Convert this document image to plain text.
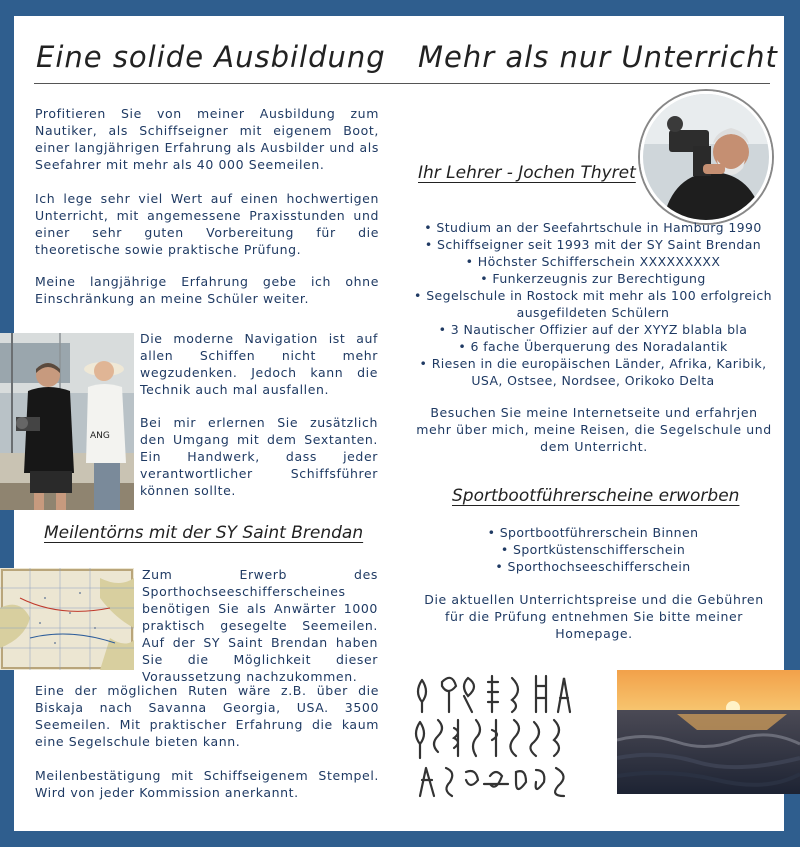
Eine solide Ausbildung Mehr als nur Unterricht

Profitieren Sie von meiner Ausbildung zum Nautiker, als Schiffseigner mit eigenem Boot, einer langjährigen Erfahrung als Ausbilder und als Seefahrer mit mehr als 40 000 Seemeilen.

Ich lege sehr viel Wert auf einen hochwertigen Unterricht, mit angemessene Praxisstunden und einer sehr guten Vorbereitung für die theoretische sowie praktische Prüfung.

Meine langjährige Erfahrung gebe ich ohne Einschränkung an meine Schüler weiter.

ANG

Die moderne Navigation ist auf allen Schiffen nicht mehr wegzudenken. Jedoch kann die Technik auch mal ausfallen.

Bei mir erlernen Sie zusätzlich den Umgang mit dem Sextanten. Ein Handwerk, dass jeder verantwortlicher Schiffsführer können sollte.

Meilentörns mit der SY Saint Brendan

Zum Erwerb des Sporthochseeschifferscheines benötigen Sie als Anwärter 1000 praktisch gesegelte Seemeilen. Auf der SY Saint Brendan haben Sie die Möglichkeit dieser Voraussetzung nachzukommen.

Eine der möglichen Ruten wäre z.B. über die Biskaja nach Savanna Georgia, USA. 3500 Seemeilen. Mit praktischer Erfahrung die kaum eine Segelschule bieten kann.

Meilenbestätigung mit Schiffseigenem Stempel. Wird von jeder Kommission anerkannt.

Ihr Lehrer - Jochen Thyret
• Studium an der Seefahrtschule in Hamburg 1990
• Schiffseigner seit 1993 mit der SY Saint Brendan
• Höchster Schifferschein XXXXXXXXX
• Funkerzeugnis zur Berechtigung
• Segelschule in Rostock mit mehr als 100 erfolgreich ausgefildeten Schülern
• 3 Nautischer Offizier auf der XYYZ blabla bla
• 6 fache Überquerung des Noradalantik
• Riesen in die europäischen Länder, Afrika, Karibik, USA, Ostsee, Nordsee, Orikoko Delta

Besuchen Sie meine Internetseite und erfahrjen mehr über mich, meine Reisen, die Segelschule und dem Unterricht.

Sportbootführerscheine erworben
• Sportbootführerschein Binnen
• Sportküstenschifferschein
• Sporthochseeschifferschein

Die aktuellen Unterrichtspreise und die Gebühren für die Prüfung entnehmen Sie bitte meiner Homepage.
